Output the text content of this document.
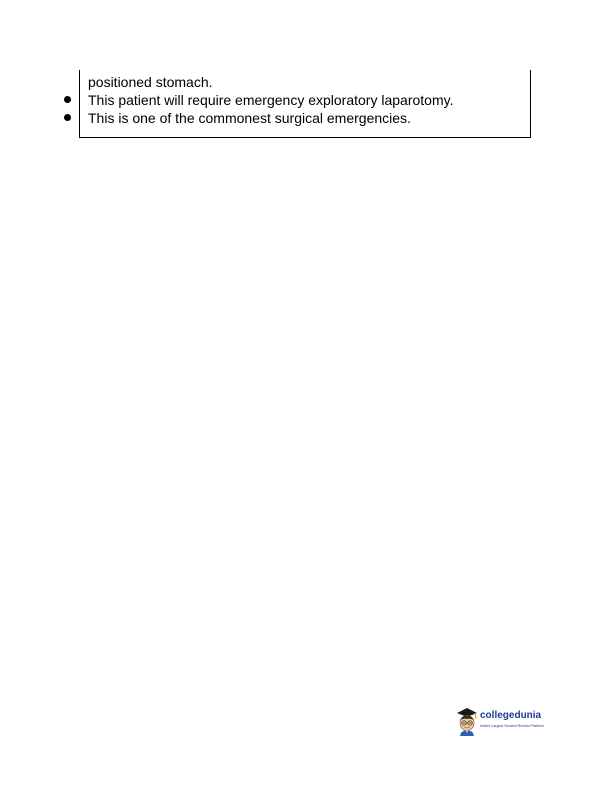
positioned stomach.
This patient will require emergency exploratory laparotomy.
This is one of the commonest surgical emergencies.
collegedunia
India's Largest Student Review Platform
